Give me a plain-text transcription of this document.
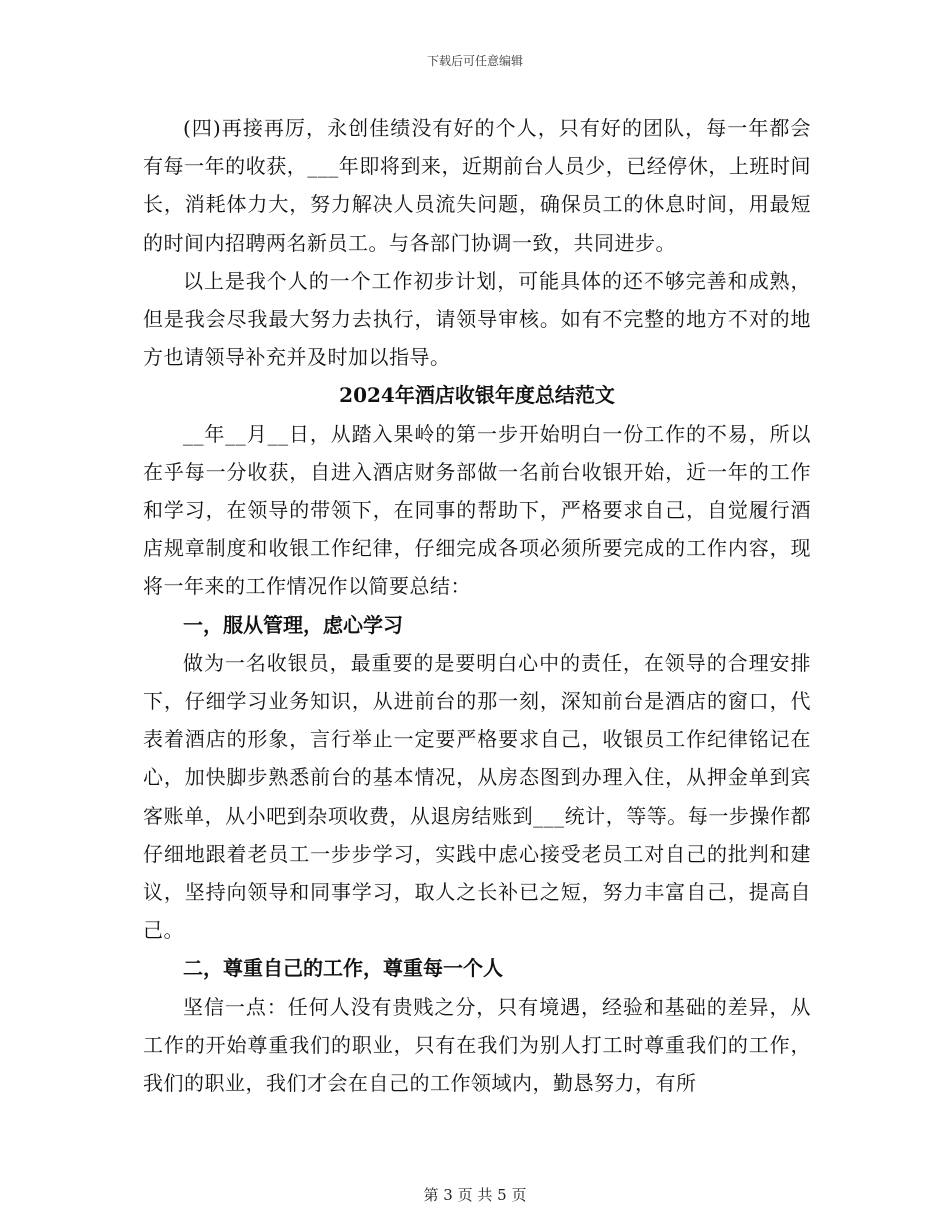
下载后可任意编辑

(四)再接再厉，永创佳绩没有好的个人，只有好的团队，每一年都会有每一年的收获，___年即将到来，近期前台人员少，已经停休，上班时间长，消耗体力大，努力解决人员流失问题，确保员工的休息时间，用最短的时间内招聘两名新员工。与各部门协调一致，共同进步。

以上是我个人的一个工作初步计划，可能具体的还不够完善和成熟，但是我会尽我最大努力去执行，请领导审核。如有不完整的地方不对的地方也请领导补充并及时加以指导。

2024年酒店收银年度总结范文

__年__月__日，从踏入果岭的第一步开始明白一份工作的不易，所以在乎每一分收获，自进入酒店财务部做一名前台收银开始，近一年的工作和学习，在领导的带领下，在同事的帮助下，严格要求自己，自觉履行酒店规章制度和收银工作纪律，仔细完成各项必须所要完成的工作内容，现将一年来的工作情况作以简要总结：

一，服从管理，虑心学习

做为一名收银员，最重要的是要明白心中的责任，在领导的合理安排下，仔细学习业务知识，从进前台的那一刻，深知前台是酒店的窗口，代表着酒店的形象，言行举止一定要严格要求自己，收银员工作纪律铭记在心，加快脚步熟悉前台的基本情况，从房态图到办理入住，从押金单到宾客账单，从小吧到杂项收费，从退房结账到___统计，等等。每一步操作都仔细地跟着老员工一步步学习，实践中虑心接受老员工对自己的批判和建议，坚持向领导和同事学习，取人之长补已之短，努力丰富自己，提高自己。

二，尊重自己的工作，尊重每一个人

坚信一点：任何人没有贵贱之分，只有境遇，经验和基础的差异，从工作的开始尊重我们的职业，只有在我们为别人打工时尊重我们的工作，我们的职业，我们才会在自己的工作领域内，勤恳努力，有所

第 3 页 共 5 页
